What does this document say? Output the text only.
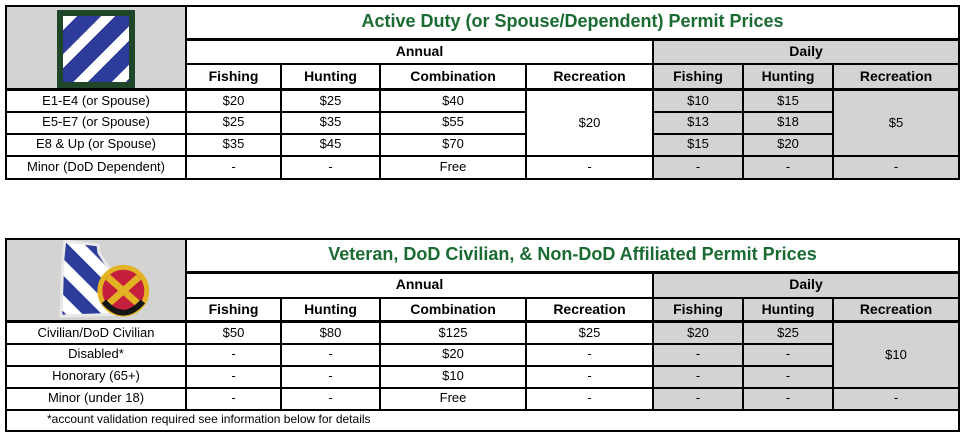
	Active Duty (or Spouse/Dependent) Permit Prices						
	Annual				Daily		
	Fishing	Hunting	Combination	Recreation	Fishing	Hunting	Recreation
E1-E4 (or Spouse)	$20	$25	$40	$20	$10	$15	$5
E5-E7 (or Spouse)	$25	$35	$55		$13	$18	
E8 & Up (or Spouse)	$35	$45	$70		$15	$20	
Minor (DoD Dependent)	-	-	Free	-	-	-	-
	Veteran, DoD Civilian, & Non-DoD Affiliated Permit Prices						
	Annual				Daily		
	Fishing	Hunting	Combination	Recreation	Fishing	Hunting	Recreation
Civilian/DoD Civilian	$50	$80	$125	$25	$20	$25	$10
Disabled*	-	-	$20	-	-	-	
Honorary (65+)	-	-	$10	-	-	-	
Minor (under 18)	-	-	Free	-	-	-	-
*account validation required see information below for details							
